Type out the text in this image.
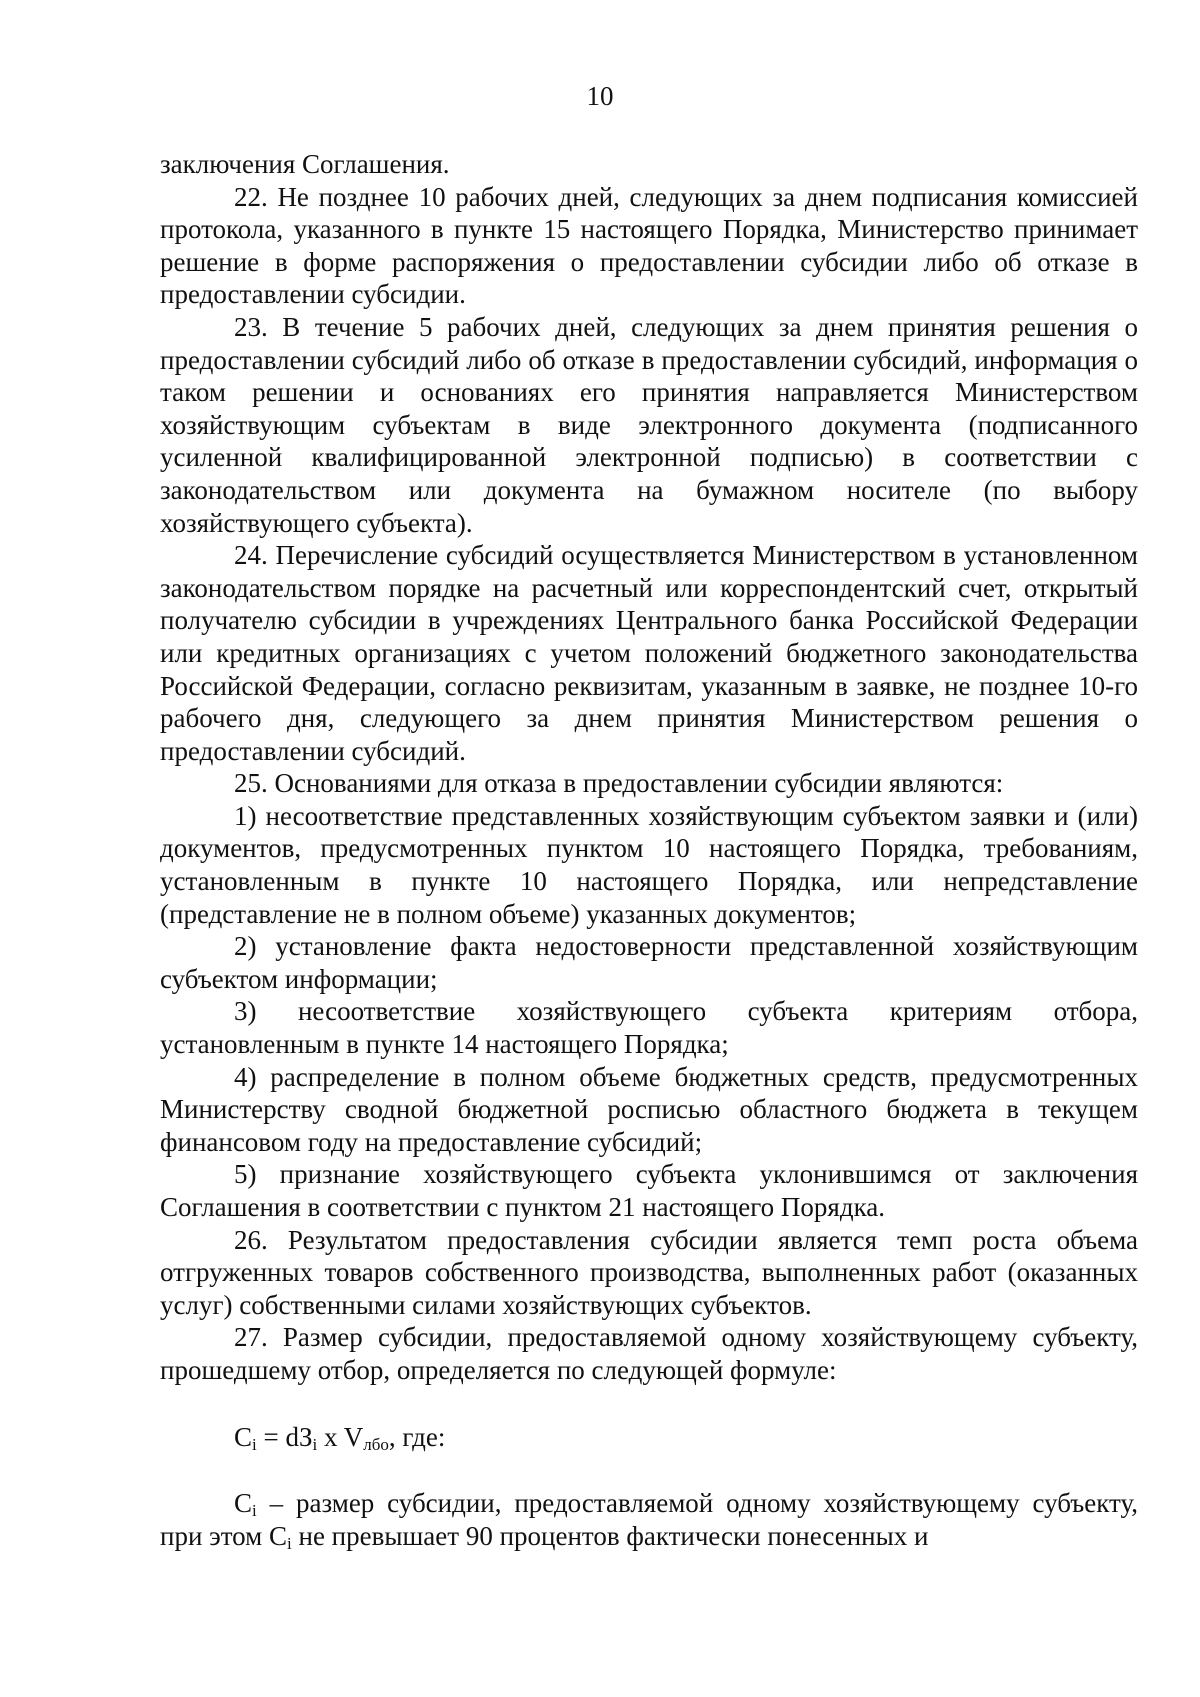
10

заключения Соглашения.

22. Не позднее 10 рабочих дней, следующих за днем подписания комиссией протокола, указанного в пункте 15 настоящего Порядка, Министерство принимает решение в форме распоряжения о предоставлении субсидии либо об отказе в предоставлении субсидии.

23. В течение 5 рабочих дней, следующих за днем принятия решения о предоставлении субсидий либо об отказе в предоставлении субсидий, информация о таком решении и основаниях его принятия направляется Министерством хозяйствующим субъектам в виде электронного документа (подписанного усиленной квалифицированной электронной подписью) в соответствии с законодательством или документа на бумажном носителе (по выбору хозяйствующего субъекта).

24. Перечисление субсидий осуществляется Министерством в установленном законодательством порядке на расчетный или корреспондентский счет, открытый получателю субсидии в учреждениях Центрального банка Российской Федерации или кредитных организациях с учетом положений бюджетного законодательства Российской Федерации, согласно реквизитам, указанным в заявке, не позднее 10-го рабочего дня, следующего за днем принятия Министерством решения о предоставлении субсидий.

25. Основаниями для отказа в предоставлении субсидии являются:

1) несоответствие представленных хозяйствующим субъектом заявки и (или) документов, предусмотренных пунктом 10 настоящего Порядка, требованиям, установленным в пункте 10 настоящего Порядка, или непредставление (представление не в полном объеме) указанных документов;

2) установление факта недостоверности представленной хозяйствующим субъектом информации;

3) несоответствие хозяйствующего субъекта критериям отбора, установленным в пункте 14 настоящего Порядка;

4) распределение в полном объеме бюджетных средств, предусмотренных Министерству сводной бюджетной росписью областного бюджета в текущем финансовом году на предоставление субсидий;

5) признание хозяйствующего субъекта уклонившимся от заключения Соглашения в соответствии с пунктом 21 настоящего Порядка.

26. Результатом предоставления субсидии является темп роста объема отгруженных товаров собственного производства, выполненных работ (оказанных услуг) собственными силами хозяйствующих субъектов.

27. Размер субсидии, предоставляемой одному хозяйствующему субъекту, прошедшему отбор, определяется по следующей формуле:

$C_i = dЗ_i$ x $V_{лбо}$, где:

$C_i$ – размер субсидии, предоставляемой одному хозяйствующему субъекту, при этом $C_i$ не превышает 90 процентов фактически понесенных и
